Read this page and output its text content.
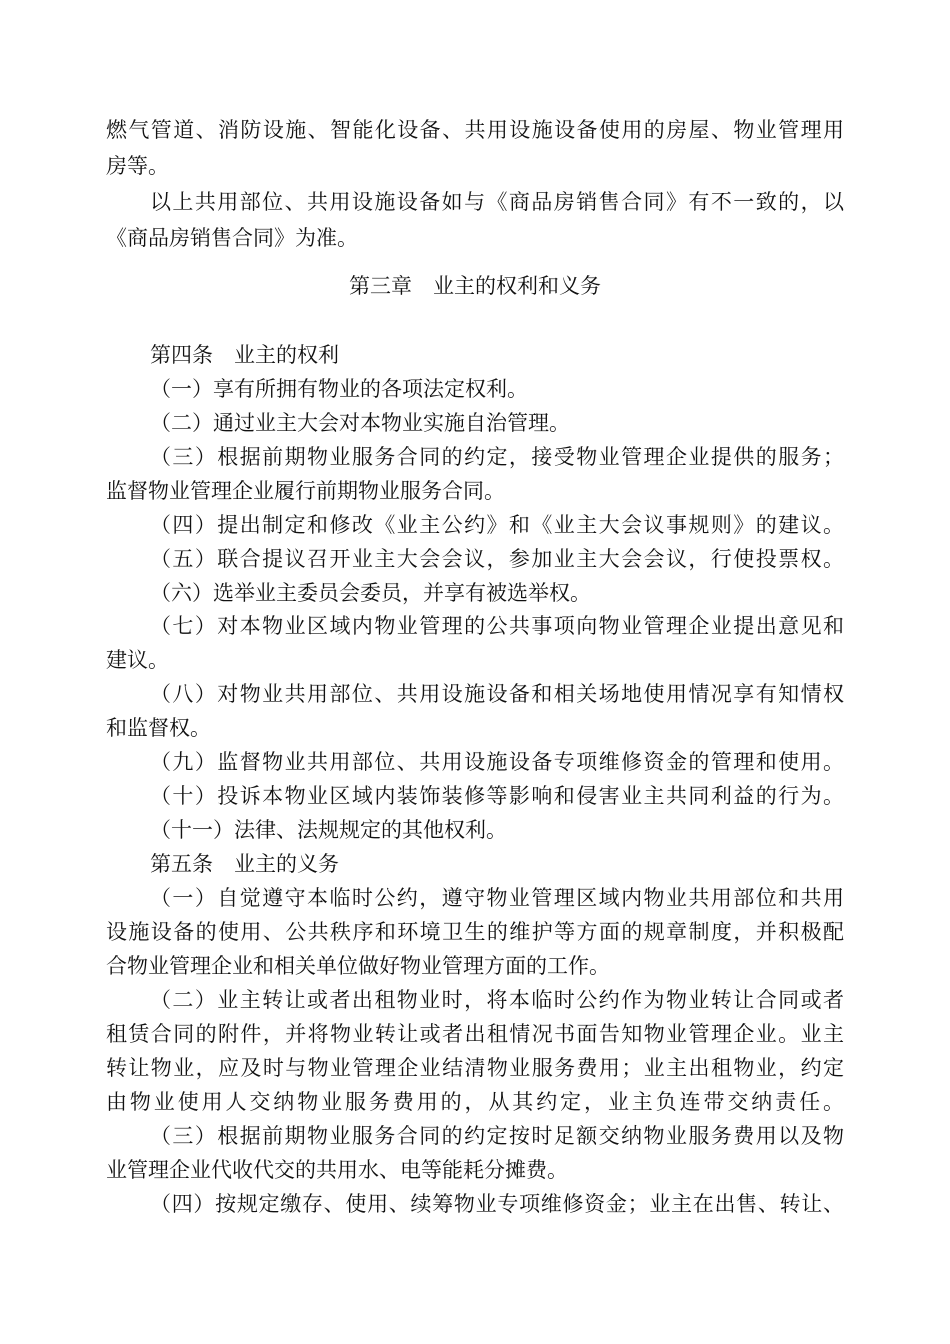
燃气管道、消防设施、智能化设备、共用设施设备使用的房屋、物业管理用
房等。
以上共用部位、共用设施设备如与《商品房销售合同》有不一致的，以
《商品房销售合同》为准。
第三章　业主的权利和义务
第四条　业主的权利
（一）享有所拥有物业的各项法定权利。
（二）通过业主大会对本物业实施自治管理。
（三）根据前期物业服务合同的约定，接受物业管理企业提供的服务；
监督物业管理企业履行前期物业服务合同。
（四）提出制定和修改《业主公约》和《业主大会议事规则》的建议。
（五）联合提议召开业主大会会议，参加业主大会会议，行使投票权。
（六）选举业主委员会委员，并享有被选举权。
（七）对本物业区域内物业管理的公共事项向物业管理企业提出意见和
建议。
（八）对物业共用部位、共用设施设备和相关场地使用情况享有知情权
和监督权。
（九）监督物业共用部位、共用设施设备专项维修资金的管理和使用。
（十）投诉本物业区域内装饰装修等影响和侵害业主共同利益的行为。
（十一）法律、法规规定的其他权利。
第五条　业主的义务
（一）自觉遵守本临时公约，遵守物业管理区域内物业共用部位和共用
设施设备的使用、公共秩序和环境卫生的维护等方面的规章制度，并积极配
合物业管理企业和相关单位做好物业管理方面的工作。
（二）业主转让或者出租物业时，将本临时公约作为物业转让合同或者
租赁合同的附件，并将物业转让或者出租情况书面告知物业管理企业。业主
转让物业，应及时与物业管理企业结清物业服务费用；业主出租物业，约定
由物业使用人交纳物业服务费用的，从其约定，业主负连带交纳责任。
（三）根据前期物业服务合同的约定按时足额交纳物业服务费用以及物
业管理企业代收代交的共用水、电等能耗分摊费。
（四）按规定缴存、使用、续筹物业专项维修资金；业主在出售、转让、
